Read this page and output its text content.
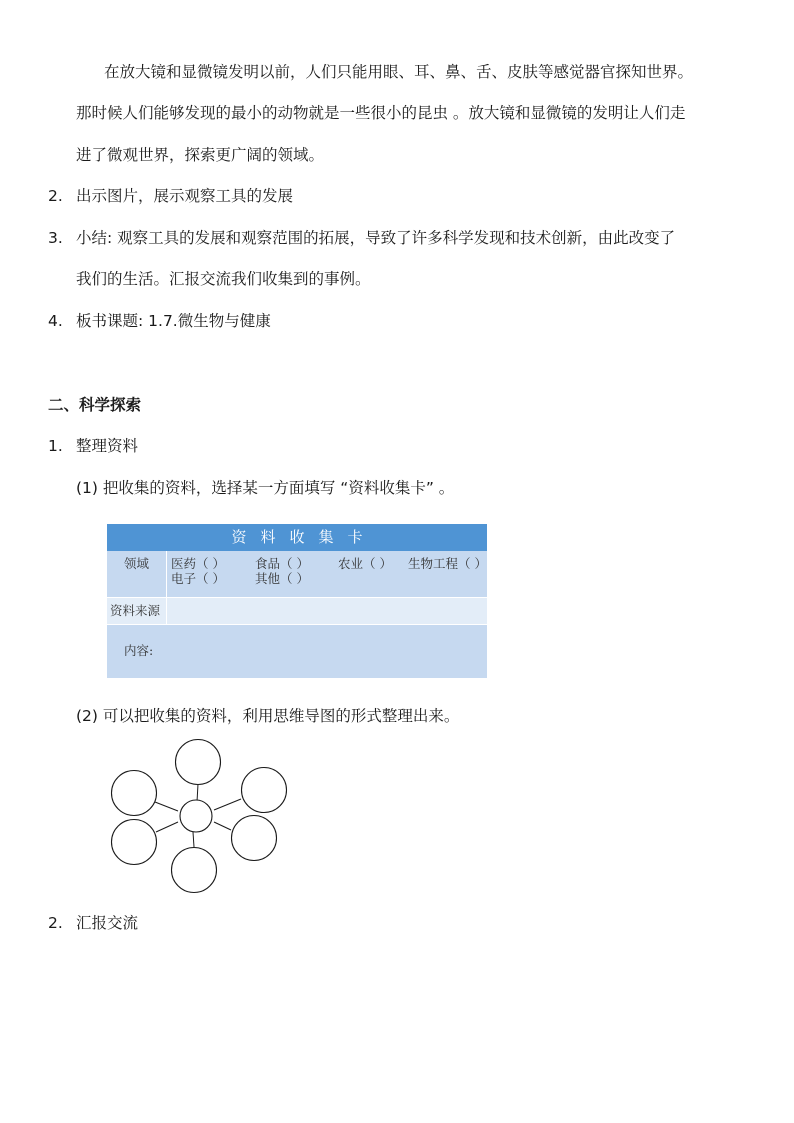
在放大镜和显微镜发明以前，人们只能用眼、耳、鼻、舌、皮肤等感觉器官探知世界。
那时候人们能够发现的最小的动物就是一些很小的昆虫 。放大镜和显微镜的发明让人们走
进了微观世界，探索更广阔的领域。
2. 出示图片，展示观察工具的发展
3. 小结: 观察工具的发展和观察范围的拓展，导致了许多科学发现和技术创新，由此改变了
我们的生活。汇报交流我们收集到的事例。
4. 板书课题: 1.7.微生物与健康
二、科学探索
1. 整理资料
(1) 把收集的资料，选择某一方面填写 “资料收集卡” 。
资料收集卡
领域 医药（ ） 食品（ ） 农业（ ） 生物工程（ ）
电子（ ） 其他（ ）
资料来源
内容:
(2) 可以把收集的资料，利用思维导图的形式整理出来。
2. 汇报交流
